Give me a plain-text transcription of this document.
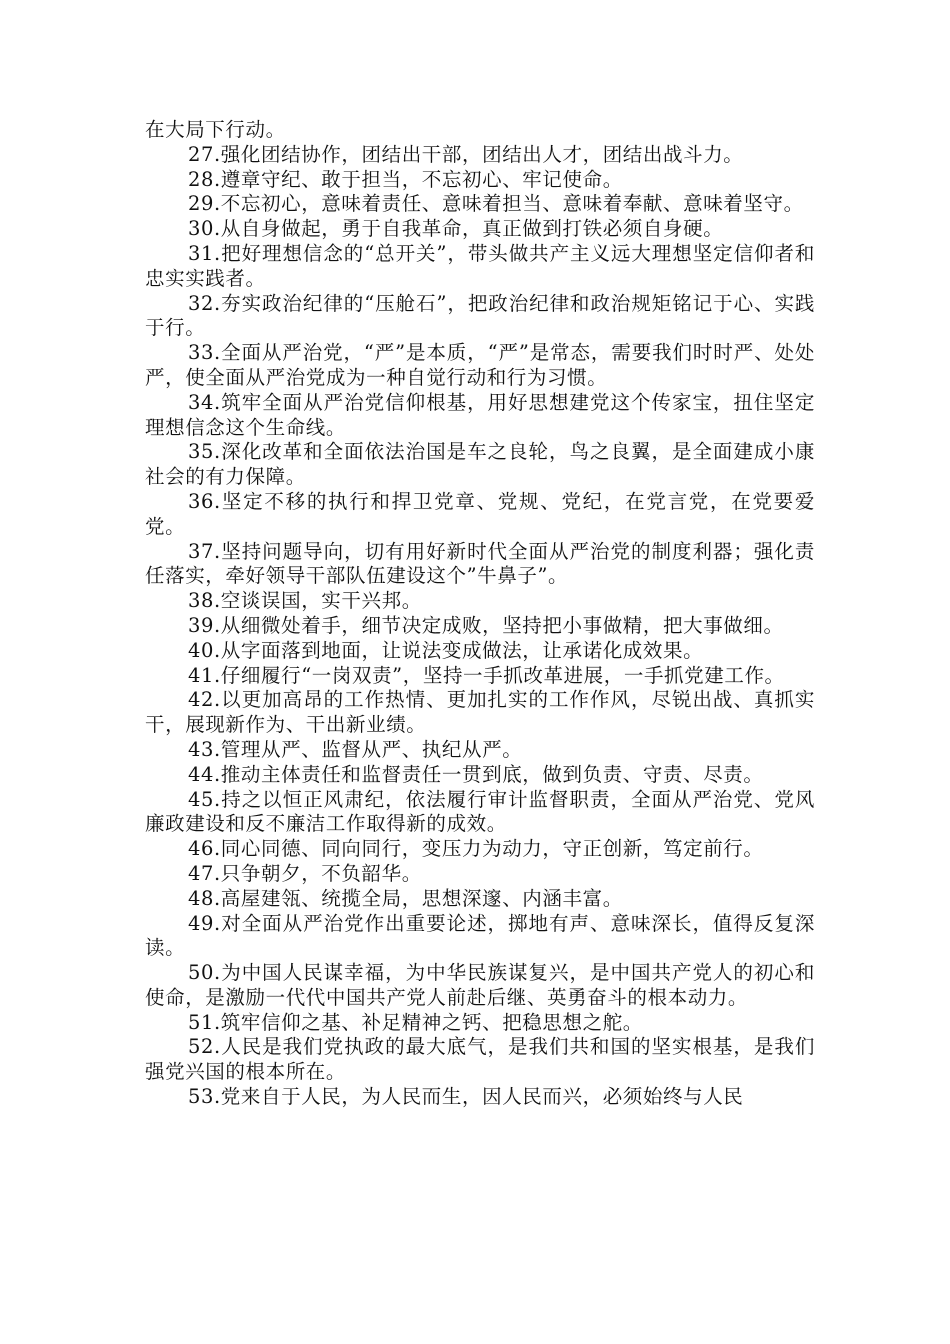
在大局下行动。

27.强化团结协作，团结出干部，团结出人才，团结出战斗力。

28.遵章守纪、敢于担当，不忘初心、牢记使命。

29.不忘初心，意味着责任、意味着担当、意味着奉献、意味着坚守。

30.从自身做起，勇于自我革命，真正做到打铁必须自身硬。

31.把好理想信念的“总开关”，带头做共产主义远大理想坚定信仰者和忠实实践者。

32.夯实政治纪律的“压舱石”，把政治纪律和政治规矩铭记于心、实践于行。

33.全面从严治党，“严”是本质，“严”是常态，需要我们时时严、处处严，使全面从严治党成为一种自觉行动和行为习惯。

34.筑牢全面从严治党信仰根基，用好思想建党这个传家宝，扭住坚定理想信念这个生命线。

35.深化改革和全面依法治国是车之良轮，鸟之良翼，是全面建成小康社会的有力保障。

36.坚定不移的执行和捍卫党章、党规、党纪，在党言党，在党要爱党。

37.坚持问题导向，切有用好新时代全面从严治党的制度利器；强化责任落实，牵好领导干部队伍建设这个”牛鼻子”。

38.空谈误国，实干兴邦。

39.从细微处着手，细节决定成败，坚持把小事做精，把大事做细。

40.从字面落到地面，让说法变成做法，让承诺化成效果。

41.仔细履行“一岗双责”，坚持一手抓改革进展，一手抓党建工作。

42.以更加高昂的工作热情、更加扎实的工作作风，尽锐出战、真抓实干，展现新作为、干出新业绩。

43.管理从严、监督从严、执纪从严。

44.推动主体责任和监督责任一贯到底，做到负责、守责、尽责。

45.持之以恒正风肃纪，依法履行审计监督职责，全面从严治党、党风廉政建设和反不廉洁工作取得新的成效。

46.同心同德、同向同行，变压力为动力，守正创新，笃定前行。

47.只争朝夕，不负韶华。

48.高屋建瓴、统揽全局，思想深邃、内涵丰富。

49.对全面从严治党作出重要论述，掷地有声、意味深长，值得反复深读。

50.为中国人民谋幸福，为中华民族谋复兴，是中国共产党人的初心和使命，是激励一代代中国共产党人前赴后继、英勇奋斗的根本动力。

51.筑牢信仰之基、补足精神之钙、把稳思想之舵。

52.人民是我们党执政的最大底气，是我们共和国的坚实根基，是我们强党兴国的根本所在。

53.党来自于人民，为人民而生，因人民而兴，必须始终与人民
